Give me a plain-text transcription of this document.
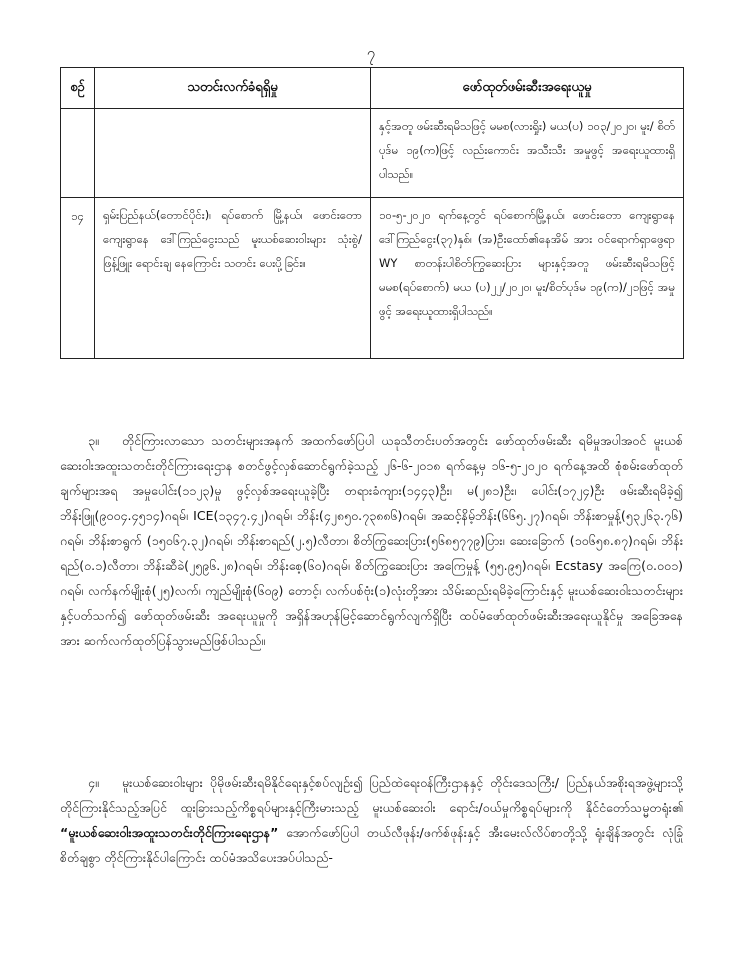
၇
စဉ်	သတင်းလက်ခံရရှိမှု	ဖော်ထုတ်ဖမ်းဆီးအရေးယူမှု
		နှင့်အတူ ဖမ်းဆီးရမိသဖြင့် မမစ(လားရှိုး) မယ(ပ) ၁၀၃/၂၀၂၀၊ မူး/ စိတ်ပုဒ်မ ၁၉(က)ဖြင့် လည်းကောင်း အသီးသီး အမှုဖွင့် အရေးယူထားရှိပါသည်။
၁၄	ရှမ်းပြည်နယ်(တောင်ပိုင်း)၊ ရပ်စောက် မြို့နယ်၊ ဖောင်းတောကျေးရွာနေ ဒေါ်ကြည်ငွေးသည် မူးယစ်ဆေးဝါးများ သုံးစွဲ/ဖြန့်ဖြူး ရောင်းချ နေကြောင်း သတင်း ပေးပို့ခြင်း။	၁၀-၅-၂၀၂၀ ရက်နေ့တွင် ရပ်စောက်မြို့နယ်၊ ဖောင်းတော ကျေးရွာနေ ဒေါ်ကြည်ငွေး(၃၇)နှစ်၊ (အ)ဦးထော်၏နေအိမ် အား ဝင်ရောက်ရှာဖွေရာ WY စာတန်းပါစိတ်ကြွဆေးပြား များနှင့်အတူ ဖမ်းဆီးရမိသဖြင့် မမစ(ရပ်စောက်) မယ (ပ)၂၂/၂၀၂၀၊ မူး/စိတ်ပုဒ်မ ၁၉(က)/၂၁ဖြင့် အမှုဖွင့် အရေးယူထားရှိပါသည်။

၃။ တိုင်ကြားလာသော သတင်းများအနက် အထက်ဖော်ပြပါ ယခုသီတင်းပတ်အတွင်း ဖော်ထုတ်ဖမ်းဆီး ရမိမှုအပါအဝင် မူးယစ်ဆေးဝါးအထူးသတင်းတိုင်ကြားရေးဌာန စတင်ဖွင့်လှစ်ဆောင်ရွက်ခဲ့သည့် ၂၆-၆-၂၀၁၈ ရက်နေ့မှ ၁၆-၅-၂၀၂၀ ရက်နေ့အထိ စုံစမ်းဖော်ထုတ်ချက်များအရ အမှုပေါင်း(၁၁၂၃)မှု ဖွင့်လှစ်အရေးယူခဲ့ပြီး တရားခံကျား(၁၄၄၃)ဦး၊ မ(၂၈၁)ဦး၊ ပေါင်း(၁၇၂၄)ဦး ဖမ်းဆီးရမိခဲ့၍ ဘိန်းဖြူ(၉၀၀၄.၄၅၁၄)ဂရမ်၊ ICE(၁၃၄၇.၄၂)ဂရမ်၊ ဘိန်း(၄၂၈၅၀.၇၃၈၈၆)ဂရမ်၊ အဆင့်နိမ့်ဘိန်း(၆၆၅.၂၇)ဂရမ်၊ ဘိန်းစာမှုန့်(၅၃၂၆၃.၇၆) ဂရမ်၊ ဘိန်းစာရွက် (၁၅၀၆၇.၃၂)ဂရမ်၊ ဘိန်းစာရည်(၂.၅)လီတာ၊ စိတ်ကြွဆေးပြား(၅၆၈၅၇၇၉)ပြား၊ ဆေးခြောက် (၁၀၆၅၈.၈၇)ဂရမ်၊ ဘိန်းရည်(၀.၁)လီတာ၊ ဘိန်းဆီခဲ(၂၅၉၆.၂၈)ဂရမ်၊ ဘိန်းစေ့(၆၀)ဂရမ်၊ စိတ်ကြွဆေးပြား အကြေမှုန့် (၅၅.၉၅)ဂရမ်၊ Ecstasy အကြေ(၀.၀၀၁) ဂရမ်၊ လက်နက်မျိုးစုံ(၂၅)လက်၊ ကျည်မျိုးစုံ(၆၀၉) တောင့်၊ လက်ပစ်ဗုံး(၁)လုံးတို့အား သိမ်းဆည်းရမိခဲ့ကြောင်းနှင့် မူးယစ်ဆေးဝါးသတင်းများနှင့်ပတ်သက်၍ ဖော်ထုတ်ဖမ်းဆီး အရေးယူမှုကို အရှိန်အဟုန်မြင့်ဆောင်ရွက်လျက်ရှိပြီး ထပ်မံဖော်ထုတ်ဖမ်းဆီးအရေးယူနိုင်မှု အခြေအနေအား ဆက်လက်ထုတ်ပြန်သွားမည်ဖြစ်ပါသည်။

၄။ မူးယစ်ဆေးဝါးများ ပိုမိုဖမ်းဆီးရမိနိုင်ရေးနှင့်စပ်လျဉ်း၍ ပြည်ထဲရေးဝန်ကြီးဌာနနှင့် တိုင်းဒေသကြီး/ ပြည်နယ်အစိုးရအဖွဲ့များသို့ တိုင်ကြားနိုင်သည့်အပြင် ထူးခြားသည့်ကိစ္စရပ်များနှင့်ကြီးမားသည့် မူးယစ်ဆေးဝါး ရောင်း/ဝယ်မှုကိစ္စရပ်များကို နိုင်ငံတော်သမ္မတရုံး၏ “မူးယစ်ဆေးဝါးအထူးသတင်းတိုင်ကြားရေးဌာန” အောက်ဖော်ပြပါ တယ်လီဖုန်း/ဖက်စ်ဖုန်းနှင့် အီးမေးလ်လိပ်စာတို့သို့ ရုံးချိန်အတွင်း လုံခြုံစိတ်ချစွာ တိုင်ကြားနိုင်ပါကြောင်း ထပ်မံအသိပေးအပ်ပါသည်-
